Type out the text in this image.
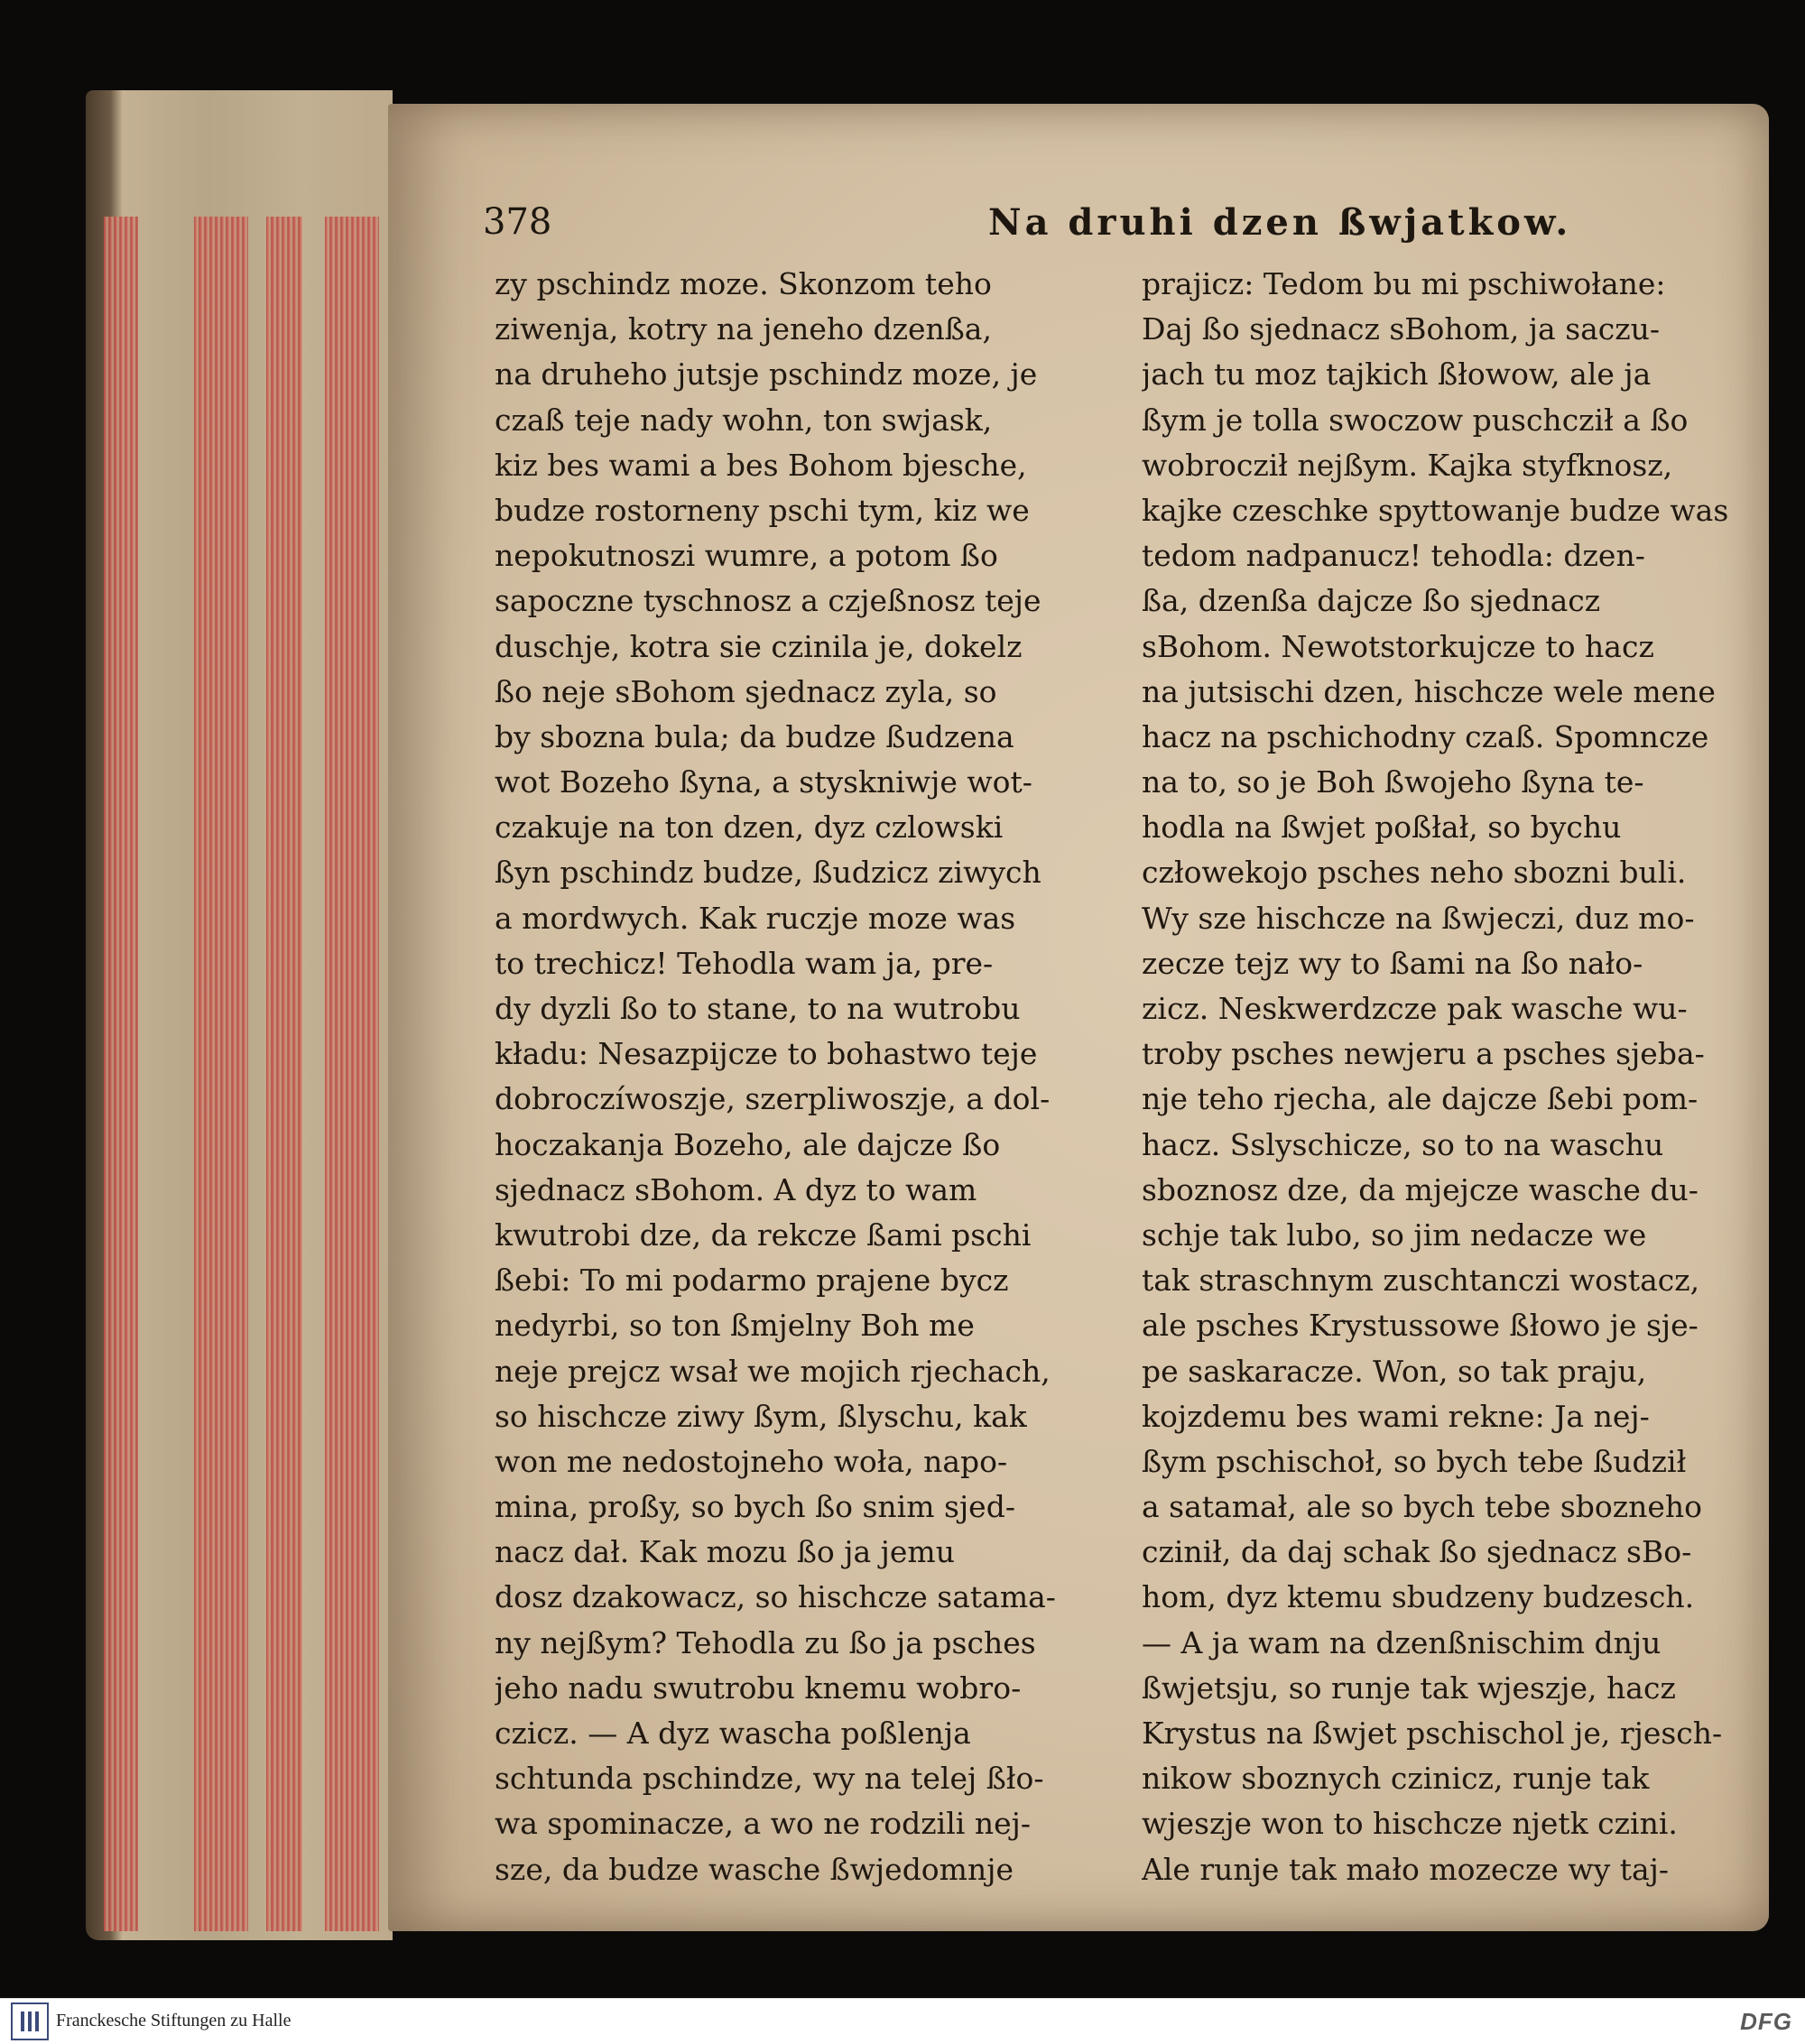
378	Na druhi dzen ßwjatkow.
zy pschindz moze. Skonzom teho
ziwenja, kotry na jeneho dzenßa,
na druheho jutsje pschindz moze, je
czaß teje nady wohn, ton swjask,
kiz bes wami a bes Bohom bjesche,
budze rostorneny pschi tym, kiz we
nepokutnoszi wumre, a potom ßo
sapoczne tyschnosz a czjeßnosz teje
duschje, kotra sie czinila je, dokelz
ßo neje sBohom sjednacz zyla, so
by sbozna bula; da budze ßudzena
wot Bozeho ßyna, a styskniwje wot-
czakuje na ton dzen, dyz czlowski
ßyn pschindz budze, ßudzicz ziwych
a mordwych. Kak ruczje moze was
to trechicz! Tehodla wam ja, pre-
dy dyzli ßo to stane, to na wutrobu
kładu: Nesazpijcze to bohastwo teje
dobroczíwoszje, szerpliwoszje, a dol-
hoczakanja Bozeho, ale dajcze ßo
sjednacz sBohom. A dyz to wam
kwutrobi dze, da rekcze ßami pschi
ßebi: To mi podarmo prajene bycz
nedyrbi, so ton ßmjelny Boh me
neje prejcz wsał we mojich rjechach,
so hischcze ziwy ßym, ßlyschu, kak
won me nedostojneho woła, napo-
mina, proßy, so bych ßo snim sjed-
nacz dał. Kak mozu ßo ja jemu
dosz dzakowacz, so hischcze satama-
ny nejßym? Tehodla zu ßo ja psches
jeho nadu swutrobu knemu wobro-
czicz. — A dyz wascha poßlenja
schtunda pschindze, wy na telej ßło-
wa spominacze, a wo ne rodzili nej-
sze, da budze wasche ßwjedomnje
prajicz: Tedom bu mi pschiwołane:
Daj ßo sjednacz sBohom, ja saczu-
jach tu moz tajkich ßłowow, ale ja
ßym je tolla swoczow puschcził a ßo
wobrocził nejßym. Kajka styfknosz,
kajke czeschke spyttowanje budze was
tedom nadpanucz! tehodla: dzen-
ßa, dzenßa dajcze ßo sjednacz
sBohom. Newotstorkujcze to hacz
na jutsischi dzen, hischcze wele mene
hacz na pschichodny czaß. Spomncze
na to, so je Boh ßwojeho ßyna te-
hodla na ßwjet poßłał, so bychu
człowekojo psches neho sbozni buli.
Wy sze hischcze na ßwjeczi, duz mo-
zecze tejz wy to ßami na ßo nało-
zicz. Neskwerdzcze pak wasche wu-
troby psches newjeru a psches sjeba-
nje teho rjecha, ale dajcze ßebi pom-
hacz. Sslyschicze, so to na waschu
sboznosz dze, da mjejcze wasche du-
schje tak lubo, so jim nedacze we
tak straschnym zuschtanczi wostacz,
ale psches Krystussowe ßłowo je sje-
pe saskaracze. Won, so tak praju,
kojzdemu bes wami rekne: Ja nej-
ßym pschischoł, so bych tebe ßudził
a satamał, ale so bych tebe sbozneho
czinił, da daj schak ßo sjednacz sBo-
hom, dyz ktemu sbudzeny budzesch.
— A ja wam na dzenßnischim dnju
ßwjetsju, so runje tak wjeszje, hacz
Krystus na ßwjet pschischol je, rjesch-
nikow sboznych czinicz, runje tak
wjeszje won to hischcze njetk czini.
Ale runje tak mało mozecze wy taj-
Franckesche Stiftungen zu Halle	DFG
